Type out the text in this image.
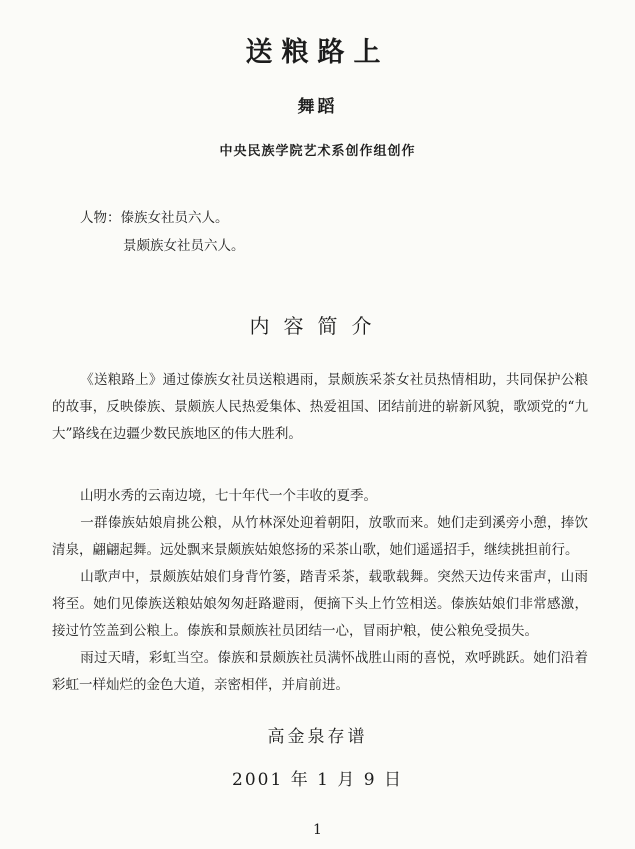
送粮路上
舞蹈
中央民族学院艺术系创作组创作
人物：傣族女社员六人。
景颇族女社员六人。
内容简介
《送粮路上》通过傣族女社员送粮遇雨，景颇族采茶女社员热情相助，共同保护公粮的故事，反映傣族、景颇族人民热爱集体、热爱祖国、团结前进的崭新风貌，歌颂党的“九大”路线在边疆少数民族地区的伟大胜利。
山明水秀的云南边境，七十年代一个丰收的夏季。
一群傣族姑娘肩挑公粮，从竹林深处迎着朝阳，放歌而来。她们走到溪旁小憩，捧饮清泉，翩翩起舞。远处飘来景颇族姑娘悠扬的采茶山歌，她们遥遥招手，继续挑担前行。
山歌声中，景颇族姑娘们身背竹篓，踏青采茶，载歌载舞。突然天边传来雷声，山雨将至。她们见傣族送粮姑娘匆匆赶路避雨，便摘下头上竹笠相送。傣族姑娘们非常感激，接过竹笠盖到公粮上。傣族和景颇族社员团结一心，冒雨护粮，使公粮免受损失。
雨过天晴，彩虹当空。傣族和景颇族社员满怀战胜山雨的喜悦，欢呼跳跃。她们沿着彩虹一样灿烂的金色大道，亲密相伴，并肩前进。
高金泉存谱
2001 年 1 月 9 日
1
